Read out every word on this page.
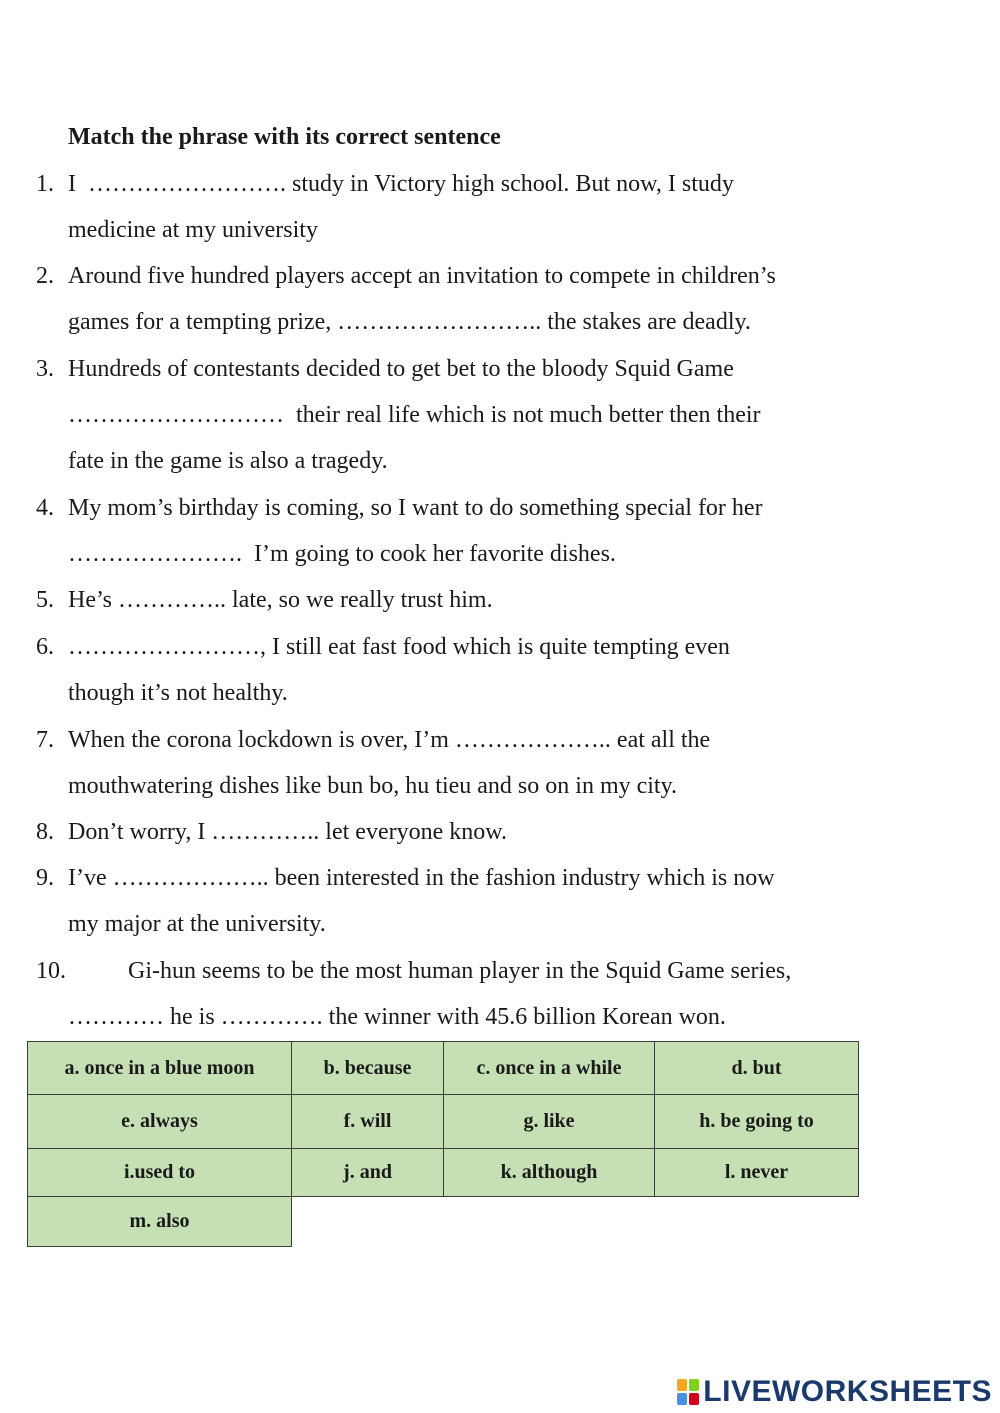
Match the phrase with its correct sentence
1. I  ……………………. study in Victory high school. But now, I study
medicine at my university
2. Around five hundred players accept an invitation to compete in children’s
games for a tempting prize, …………………….. the stakes are deadly.
3. Hundreds of contestants decided to get bet to the bloody Squid Game
………………………  their real life which is not much better then their
fate in the game is also a tragedy.
4. My mom’s birthday is coming, so I want to do something special for her
………………….  I’m going to cook her favorite dishes.
5. He’s ………….. late, so we really trust him.
6. ……………………, I still eat fast food which is quite tempting even
though it’s not healthy.
7. When the corona lockdown is over, I’m ……………….. eat all the
mouthwatering dishes like bun bo, hu tieu and so on in my city.
8. Don’t worry, I ………….. let everyone know.
9. I’ve ……………….. been interested in the fashion industry which is now
my major at the university.
10.	Gi-hun seems to be the most human player in the Squid Game series,
………… he is …………. the winner with 45.6 billion Korean won.
a. once in a blue moon	b. because	c. once in a while	d. but
e. always	f. will	g. like	h. be going to
i.used to	j. and	k. although	l. never
m. also			
LIVEWORKSHEETS
